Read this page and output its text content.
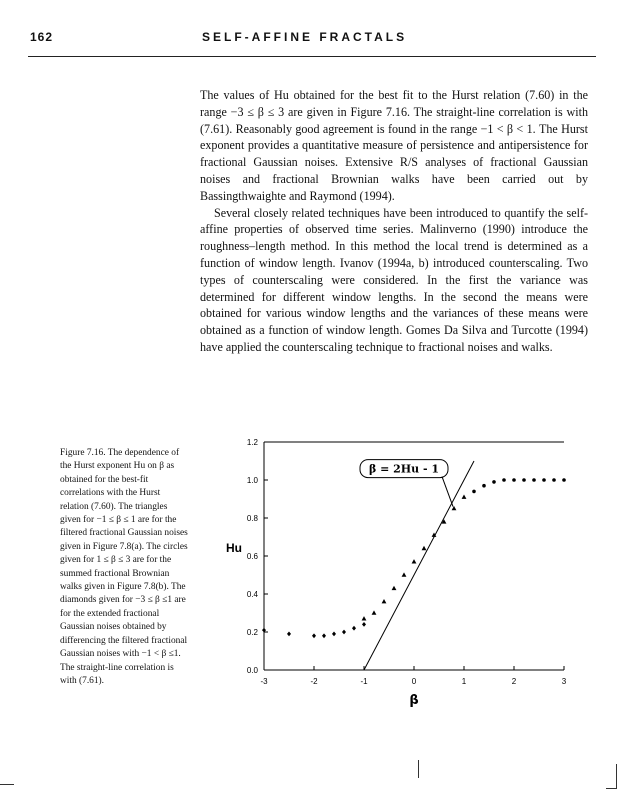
162	SELF-AFFINE FRACTALS

The values of Hu obtained for the best fit to the Hurst relation (7.60) in the range −3 ≤ β ≤ 3 are given in Figure 7.16. The straight-line correlation is with (7.61). Reasonably good agreement is found in the range −1 < β < 1. The Hurst exponent provides a quantitative measure of persistence and antipersistence for fractional Gaussian noises. Extensive R/S analyses of fractional Gaussian noises and fractional Brownian walks have been carried out by Bassingthwaighte and Raymond (1994).

Several closely related techniques have been introduced to quantify the self-affine properties of observed time series. Malinverno (1990) introduce the roughness–length method. In this method the local trend is determined as a function of window length. Ivanov (1994a, b) introduced counterscaling. Two types of counterscaling were considered. In the first the variance was determined for different window lengths. In the second the means were obtained for various window lengths and the variances of these means were obtained as a function of window length. Gomes Da Silva and Turcotte (1994) have applied the counterscaling technique to fractional noises and walks.

Figure 7.16. The dependence of the Hurst exponent Hu on β as obtained for the best-fit correlations with the Hurst relation (7.60). The triangles given for −1 ≤ β ≤ 1 are for the filtered fractional Gaussian noises given in Figure 7.8(a). The circles given for 1 ≤ β ≤ 3 are for the summed fractional Brownian walks given in Figure 7.8(b). The diamonds given for −3 ≤ β ≤1 are for the extended fractional Gaussian noises obtained by differencing the filtered fractional Gaussian noises with −1 < β ≤1. The straight-line correlation is with (7.61).
0.0
0.2
0.4
0.6
0.8
1.0
1.2
-3	-2	-1	0	1	2	3
β
Hu
β = 2Hu - 1
